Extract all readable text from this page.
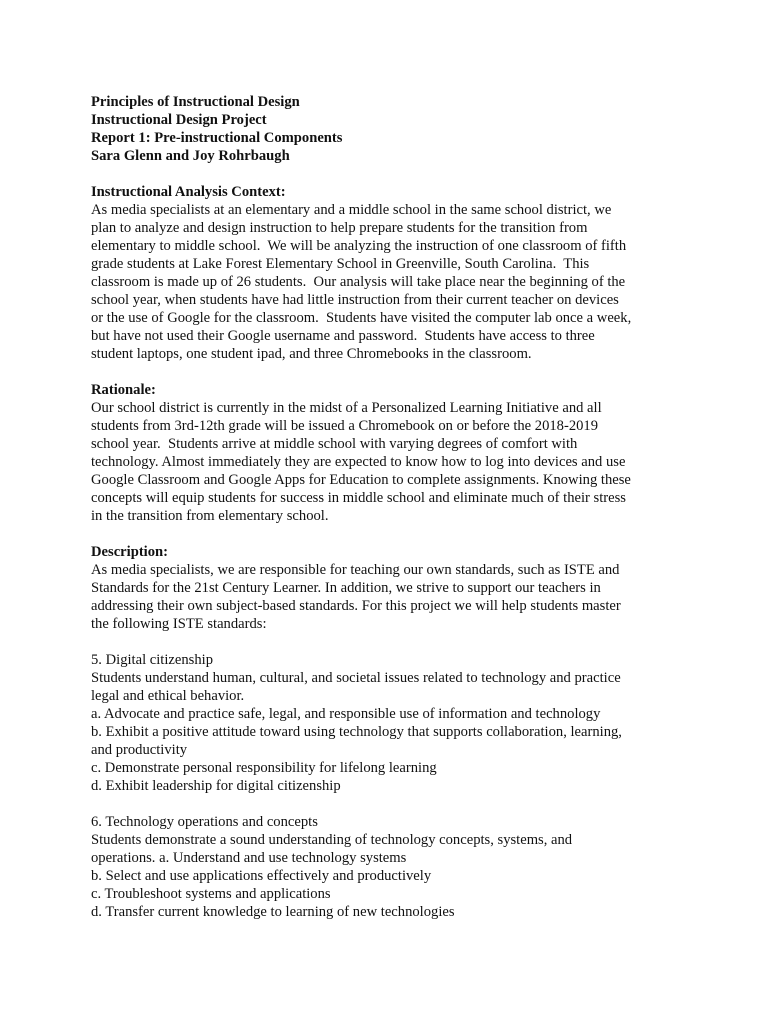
Principles of Instructional Design
Instructional Design Project
Report 1: Pre-instructional Components
Sara Glenn and Joy Rohrbaugh
Instructional Analysis Context:
As media specialists at an elementary and a middle school in the same school district, we
plan to analyze and design instruction to help prepare students for the transition from
elementary to middle school.  We will be analyzing the instruction of one classroom of fifth
grade students at Lake Forest Elementary School in Greenville, South Carolina.  This
classroom is made up of 26 students.  Our analysis will take place near the beginning of the
school year, when students have had little instruction from their current teacher on devices
or the use of Google for the classroom.  Students have visited the computer lab once a week,
but have not used their Google username and password.  Students have access to three
student laptops, one student ipad, and three Chromebooks in the classroom.
Rationale:
Our school district is currently in the midst of a Personalized Learning Initiative and all
students from 3rd-12th grade will be issued a Chromebook on or before the 2018-2019
school year.  Students arrive at middle school with varying degrees of comfort with
technology. Almost immediately they are expected to know how to log into devices and use
Google Classroom and Google Apps for Education to complete assignments. Knowing these
concepts will equip students for success in middle school and eliminate much of their stress
in the transition from elementary school.
Description:
As media specialists, we are responsible for teaching our own standards, such as ISTE and
Standards for the 21st Century Learner. In addition, we strive to support our teachers in
addressing their own subject-based standards. For this project we will help students master
the following ISTE standards:
5. Digital citizenship
Students understand human, cultural, and societal issues related to technology and practice
legal and ethical behavior.
a. Advocate and practice safe, legal, and responsible use of information and technology
b. Exhibit a positive attitude toward using technology that supports collaboration, learning,
and productivity
c. Demonstrate personal responsibility for lifelong learning
d. Exhibit leadership for digital citizenship
6. Technology operations and concepts
Students demonstrate a sound understanding of technology concepts, systems, and
operations. a. Understand and use technology systems
b. Select and use applications effectively and productively
c. Troubleshoot systems and applications
d. Transfer current knowledge to learning of new technologies
